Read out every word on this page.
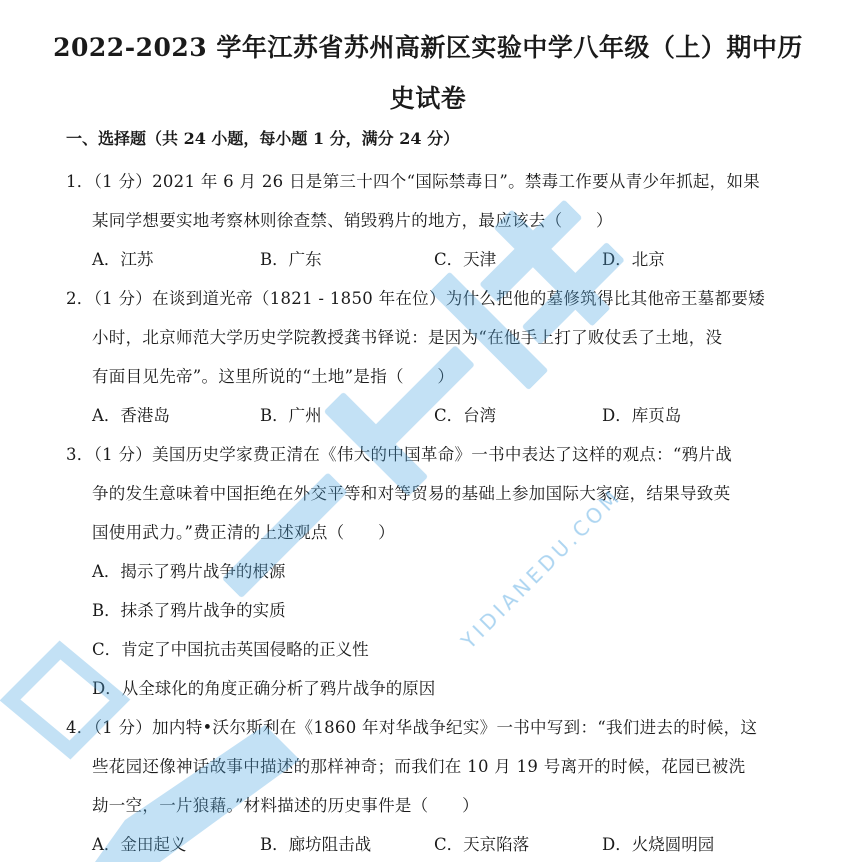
2022-2023 学年江苏省苏州高新区实验中学八年级（上）期中历
史试卷
一、选择题（共 24 小题，每小题 1 分，满分 24 分）
1．（1 分）2021 年 6 月 26 日是第三十四个“国际禁毒日”。禁毒工作要从青少年抓起，如果
某同学想要实地考察林则徐查禁、销毁鸦片的地方，最应该去（　　）
A．江苏	B．广东	C．天津	D．北京
2．（1 分）在谈到道光帝（1821 - 1850 年在位）为什么把他的墓修筑得比其他帝王墓都要矮
小时，北京师范大学历史学院教授龚书铎说：是因为“在他手上打了败仗丢了土地，没
有面目见先帝”。这里所说的“土地”是指（　　）
A．香港岛	B．广州	C．台湾	D．库页岛
3．（1 分）美国历史学家费正清在《伟大的中国革命》一书中表达了这样的观点：“鸦片战
争的发生意味着中国拒绝在外交平等和对等贸易的基础上参加国际大家庭，结果导致英
国使用武力。”费正清的上述观点（　　）
A．揭示了鸦片战争的根源
B．抹杀了鸦片战争的实质
C．肯定了中国抗击英国侵略的正义性
D．从全球化的角度正确分析了鸦片战争的原因
4．（1 分）加内特•沃尔斯利在《1860 年对华战争纪实》一书中写到：“我们进去的时候，这
些花园还像神话故事中描述的那样神奇；而我们在 10 月 19 号离开的时候，花园已被洗
劫一空，一片狼藉。”材料描述的历史事件是（　　）
A．金田起义	B．廊坊阻击战	C．天京陷落	D．火烧圆明园
YIDIANEDU.COM
